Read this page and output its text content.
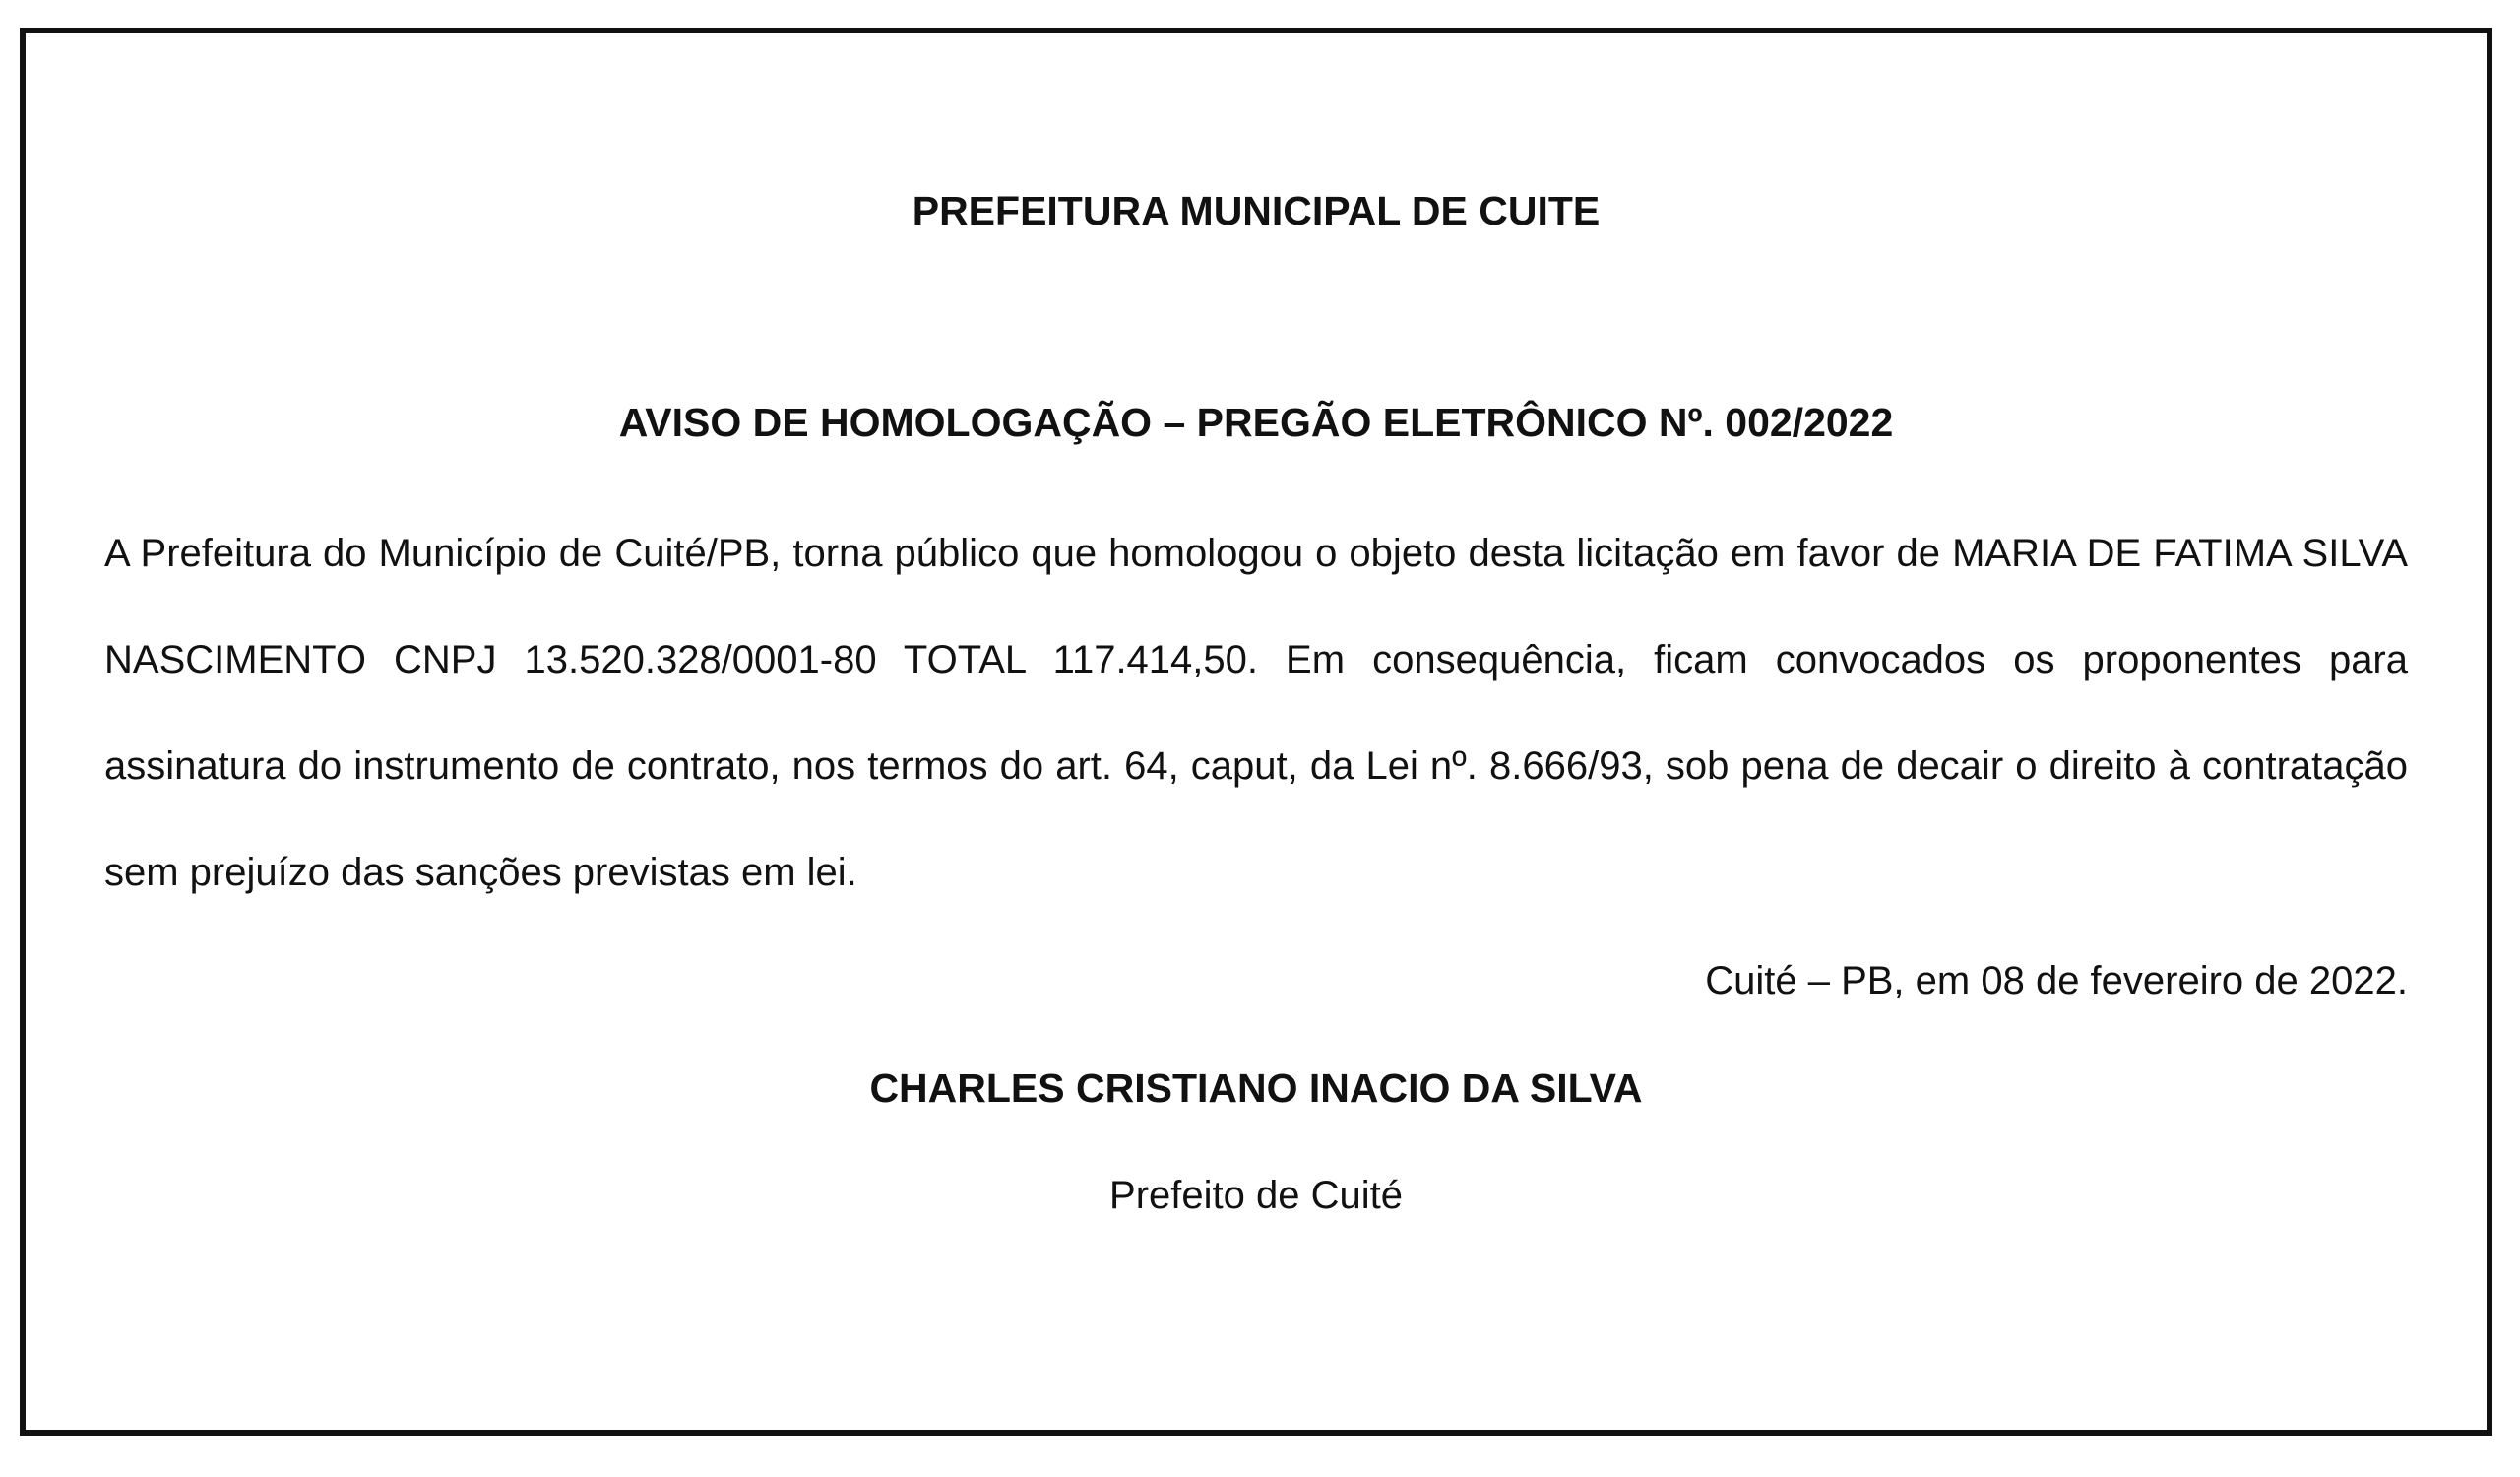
PREFEITURA MUNICIPAL DE CUITE
AVISO DE HOMOLOGAÇÃO – PREGÃO ELETRÔNICO Nº. 002/2022

A Prefeitura do Município de Cuité/PB, torna público que homologou o objeto desta licitação em favor de MARIA DE FATIMA SILVA NASCIMENTO CNPJ 13.520.328/0001-80 TOTAL 117.414,50. Em consequência, ficam convocados os proponentes para assinatura do instrumento de contrato, nos termos do art. 64, caput, da Lei nº. 8.666/93, sob pena de decair o direito à contratação sem prejuízo das sanções previstas em lei.

Cuité – PB, em 08 de fevereiro de 2022.
CHARLES CRISTIANO INACIO DA SILVA
Prefeito de Cuité
